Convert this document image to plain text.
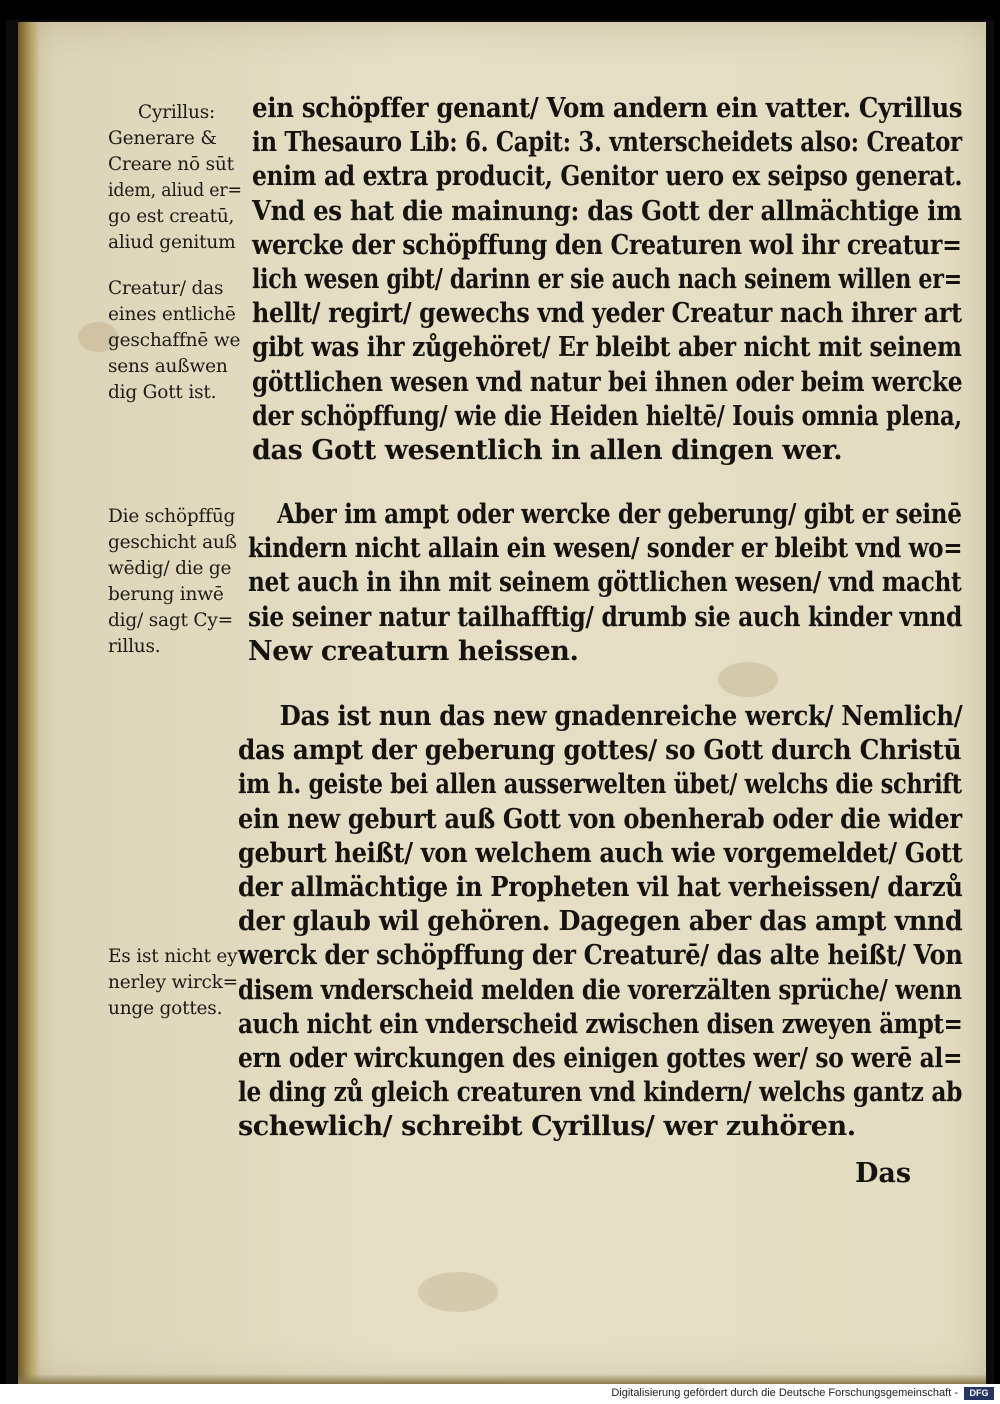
Cyrillus:
Generare &
Creare nō sūt
idem, aliud er=
go est creatū,
aliud genitum
Creatur/ das
eines entlichē
geschaffnē we
sens außwen
dig Gott ist.
Die schöpffūg
geschicht auß
wēdig/ die ge
berung inwē
dig/ sagt Cy=
rillus.
Es ist nicht ey
nerley wirck=
unge gottes.
ein schöpffer genant/ Vom andern ein vatter. Cyrillus
in Thesauro Lib: 6. Capit: 3. vnterscheidets also: Creator
enim ad extra producit, Genitor uero ex seipso generat.
Vnd es hat die mainung: das Gott der allmächtige im
wercke der schöpffung den Creaturen wol ihr creatur=
lich wesen gibt/ darinn er sie auch nach seinem willen er=
hellt/ regirt/ gewechs vnd yeder Creatur nach ihrer art
gibt was ihr zůgehöret/ Er bleibt aber nicht mit seinem
göttlichen wesen vnd natur bei ihnen oder beim wercke
der schöpffung/ wie die Heiden hieltē/ Iouis omnia plena,
das Gott wesentlich in allen dingen wer.
Aber im ampt oder wercke der geberung/ gibt er seinē
kindern nicht allain ein wesen/ sonder er bleibt vnd wo=
net auch in ihn mit seinem göttlichen wesen/ vnd macht
sie seiner natur tailhafftig/ drumb sie auch kinder vnnd
New creaturn heissen.
Das ist nun das new gnadenreiche werck/ Nemlich/
das ampt der geberung gottes/ so Gott durch Christū
im h. geiste bei allen ausserwelten übet/ welchs die schrift
ein new geburt auß Gott von obenherab oder die wider
geburt heißt/ von welchem auch wie vorgemeldet/ Gott
der allmächtige in Propheten vil hat verheissen/ darzů
der glaub wil gehören. Dagegen aber das ampt vnnd
werck der schöpffung der Creaturē/ das alte heißt/ Von
disem vnderscheid melden die vorerzälten sprüche/ wenn
auch nicht ein vnderscheid zwischen disen zweyen ämpt=
ern oder wirckungen des einigen gottes wer/ so werē al=
le ding zů gleich creaturen vnd kindern/ welchs gantz ab
schewlich/ schreibt Cyrillus/ wer zuhören.
Das
Digitalisierung gefördert durch die Deutsche Forschungsgemeinschaft -	DFG
